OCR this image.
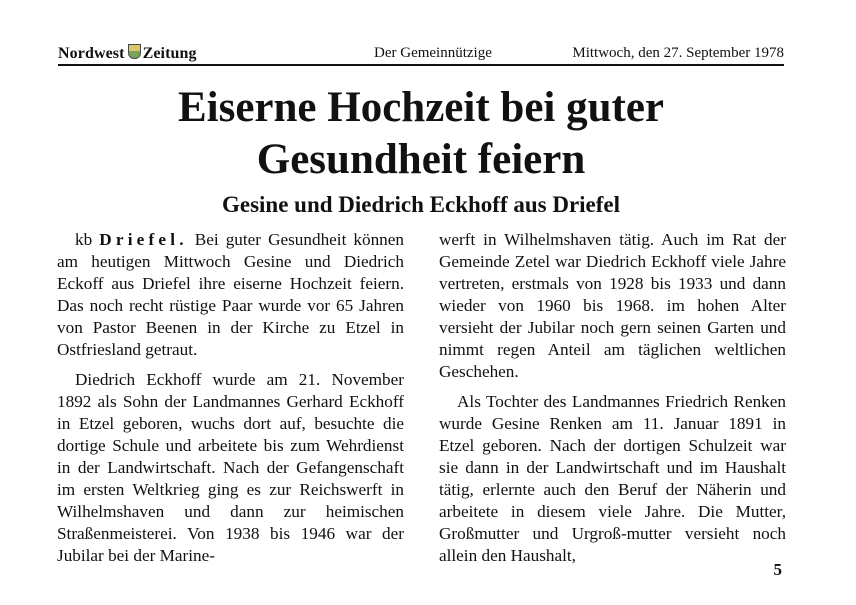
Nordwest Zeitung	Der Gemeinnützige	Mittwoch, den 27. September 1978
Eiserne Hochzeit bei guter
Gesundheit feiern
Gesine und Diedrich Eckhoff aus Driefel

kb Driefel. Bei guter Gesundheit können am heutigen Mittwoch Gesine und Diedrich Eckoff aus Driefel ihre eiserne Hochzeit feiern. Das noch recht rüstige Paar wurde vor 65 Jahren von Pastor Beenen in der Kirche zu Etzel in Ostfriesland getraut.

Diedrich Eckhoff wurde am 21. November 1892 als Sohn der Landmannes Gerhard Eckhoff in Etzel geboren, wuchs dort auf, besuchte die dortige Schule und arbeitete bis zum Wehrdienst in der Landwirtschaft. Nach der Gefangenschaft im ersten Weltkrieg ging es zur Reichswerft in Wilhelmshaven und dann zur heimischen Straßenmeisterei. Von 1938 bis 1946 war der Jubilar bei der Marine-

werft in Wilhelmshaven tätig. Auch im Rat der Gemeinde Zetel war Diedrich Eckhoff viele Jahre vertreten, erstmals von 1928 bis 1933 und dann wieder von 1960 bis 1968. im hohen Alter versieht der Jubilar noch gern seinen Garten und nimmt regen Anteil am täglichen weltlichen Geschehen.

Als Tochter des Landmannes Friedrich Renken wurde Gesine Renken am 11. Januar 1891 in Etzel geboren. Nach der dortigen Schulzeit war sie dann in der Landwirtschaft und im Haushalt tätig, erlernte auch den Beruf der Näherin und arbeitete in diesem viele Jahre. Die Mutter, Großmutter und Urgroß-mutter versieht noch allein den Haushalt,

5
